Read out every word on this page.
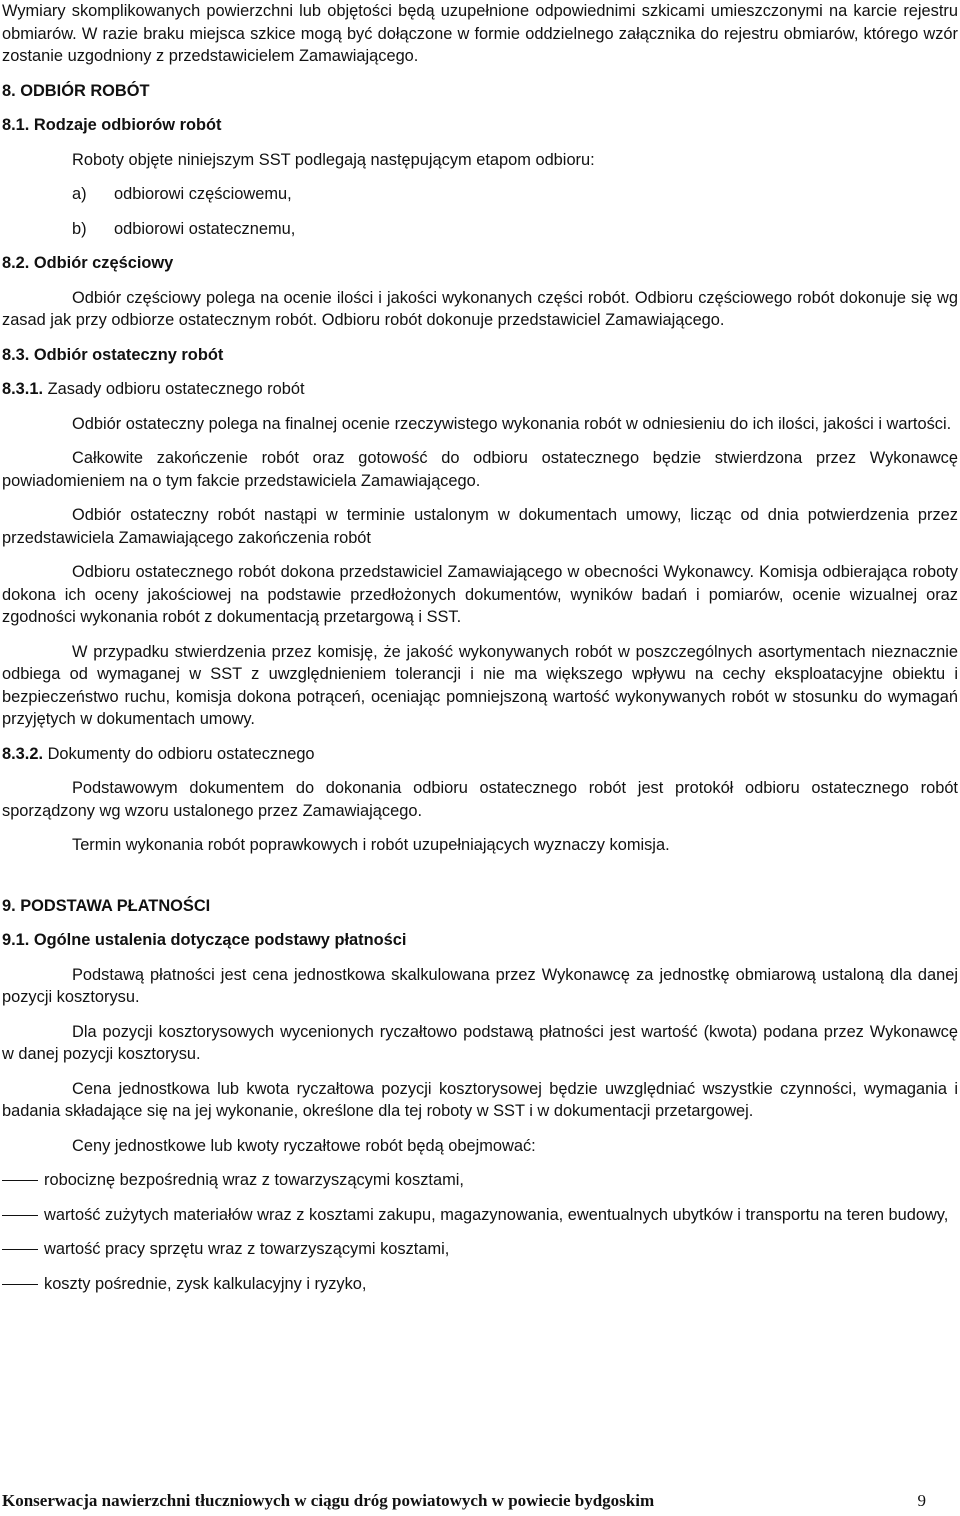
Wymiary skomplikowanych powierzchni lub objętości będą uzupełnione odpowiednimi szkicami umieszczonymi na karcie rejestru obmiarów. W razie braku miejsca szkice mogą być dołączone w formie oddzielnego załącznika do rejestru obmiarów, którego wzór zostanie uzgodniony z przedstawicielem Zamawiającego.

8. ODBIÓR ROBÓT

8.1. Rodzaje odbiorów robót

Roboty objęte niniejszym SST podlegają następującym etapom odbioru:

a)	odbiorowi częściowemu,
b)	odbiorowi ostatecznemu,

8.2. Odbiór częściowy

Odbiór częściowy polega na ocenie ilości i jakości wykonanych części robót. Odbioru częściowego robót dokonuje się wg zasad jak przy odbiorze ostatecznym robót. Odbioru robót dokonuje przedstawiciel Zamawiającego.

8.3. Odbiór ostateczny robót

8.3.1. Zasady odbioru ostatecznego robót

Odbiór ostateczny polega na finalnej ocenie rzeczywistego wykonania robót w odniesieniu do ich ilości, jakości i wartości.

Całkowite zakończenie robót oraz gotowość do odbioru ostatecznego będzie stwierdzona przez Wykonawcę powiadomieniem na o tym fakcie przedstawiciela Zamawiającego.

Odbiór ostateczny robót nastąpi w terminie ustalonym w dokumentach umowy, licząc od dnia potwierdzenia przez przedstawiciela Zamawiającego zakończenia robót

Odbioru ostatecznego robót dokona przedstawiciel Zamawiającego w obecności Wykonawcy. Komisja odbierająca roboty dokona ich oceny jakościowej na podstawie przedłożonych dokumentów, wyników badań i pomiarów, ocenie wizualnej oraz zgodności wykonania robót z dokumentacją przetargową i SST.

W przypadku stwierdzenia przez komisję, że jakość wykonywanych robót w poszczególnych asortymentach nieznacznie odbiega od wymaganej w SST z uwzględnieniem tolerancji i nie ma większego wpływu na cechy eksploatacyjne obiektu i bezpieczeństwo ruchu, komisja dokona potrąceń, oceniając pomniejszoną wartość wykonywanych robót w stosunku do wymagań przyjętych w dokumentach umowy.

8.3.2. Dokumenty do odbioru ostatecznego

Podstawowym dokumentem do dokonania odbioru ostatecznego robót jest protokół odbioru ostatecznego robót sporządzony wg wzoru ustalonego przez Zamawiającego.

Termin wykonania robót poprawkowych i robót uzupełniających wyznaczy komisja.

9. PODSTAWA PŁATNOŚCI

9.1. Ogólne ustalenia dotyczące podstawy płatności

Podstawą płatności jest cena jednostkowa skalkulowana przez Wykonawcę za jednostkę obmiarową ustaloną dla danej pozycji kosztorysu.

Dla pozycji kosztorysowych wycenionych ryczałtowo podstawą płatności jest wartość (kwota) podana przez Wykonawcę w danej pozycji kosztorysu.

Cena jednostkowa lub kwota ryczałtowa pozycji kosztorysowej będzie uwzględniać wszystkie czynności, wymagania i badania składające się na jej wykonanie, określone dla tej roboty w SST i w dokumentacji przetargowej.

Ceny jednostkowe lub kwoty ryczałtowe robót będą obejmować:

robociznę bezpośrednią wraz z towarzyszącymi kosztami,
wartość zużytych materiałów wraz z kosztami zakupu, magazynowania, ewentualnych ubytków i transportu na teren budowy,
wartość pracy sprzętu wraz z towarzyszącymi kosztami,
koszty pośrednie, zysk kalkulacyjny i ryzyko,
Konserwacja nawierzchni tłuczniowych w ciągu dróg powiatowych w powiecie bydgoskim	9
